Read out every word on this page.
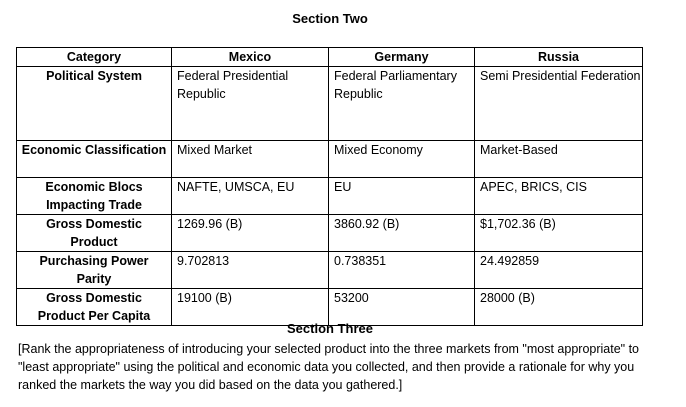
Section Two
Category	Mexico	Germany	Russia
Political System	Federal Presidential Republic	Federal Parliamentary Republic	Semi Presidential Federation
Economic Classification	Mixed Market	Mixed Economy	Market-Based
Economic Blocs Impacting Trade	NAFTE, UMSCA, EU	EU	APEC, BRICS, CIS
Gross Domestic Product	1269.96 (B)	3860.92 (B)	$1,702.36 (B)
Purchasing Power Parity	9.702813	0.738351	24.492859
Gross Domestic Product Per Capita	19100 (B)	53200	28000 (B)
Section Three
[Rank the appropriateness of introducing your selected product into the three markets from "most appropriate" to "least appropriate" using the political and economic data you collected, and then provide a rationale for why you ranked the markets the way you did based on the data you gathered.]
